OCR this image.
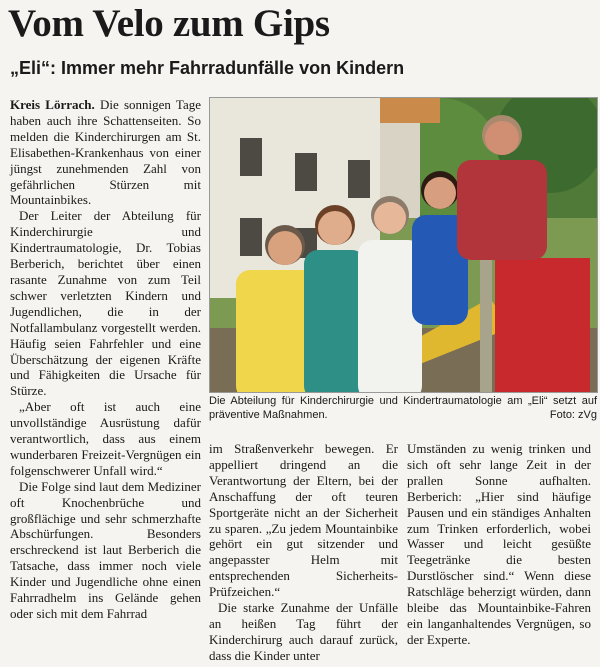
Vom Velo zum Gips
„Eli“: Immer mehr Fahrradunfälle von Kindern

Kreis Lörrach. Die sonnigen Tage haben auch ihre Schattenseiten. So melden die Kinderchirurgen am St. Elisabethen-Krankenhaus von einer jüngst zunehmenden Zahl von gefährlichen Stürzen mit Mountainbikes.

Der Leiter der Abteilung für Kinderchirurgie und Kindertraumatologie, Dr. Tobias Berberich, berichtet über einen rasante Zunahme von zum Teil schwer verletzten Kindern und Jugendlichen, die in der Notfallambulanz vorgestellt werden. Häufig seien Fahrfehler und eine Überschätzung der eigenen Kräfte und Fähigkeiten die Ursache für Stürze.

„Aber oft ist auch eine unvollständige Ausrüstung dafür verantwortlich, dass aus einem wunderbaren Freizeit-Vergnügen ein folgenschwerer Unfall wird.“

Die Folge sind laut dem Mediziner oft Knochenbrüche und großflächige und sehr schmerzhafte Abschürfungen. Besonders erschreckend ist laut Berberich die Tatsache, dass immer noch viele Kinder und Jugendliche ohne einen Fahrradhelm ins Gelände gehen oder sich mit dem Fahrrad

Die Abteilung für Kinderchirurgie und Kindertraumatologie am „Eli“ setzt auf präventive Maßnahmen.	Foto: zVg

im Straßenverkehr bewegen. Er appelliert dringend an die Verantwortung der Eltern, bei der Anschaffung der oft teuren Sportgeräte nicht an der Sicherheit zu sparen. „Zu jedem Mountainbike gehört ein gut sitzender und angepasster Helm mit entsprechenden Sicherheits-Prüfzeichen.“

Die starke Zunahme der Unfälle an heißen Tag führt der Kinderchirurg auch darauf zurück, dass die Kinder unter

Umständen zu wenig trinken und sich oft sehr lange Zeit in der prallen Sonne aufhalten. Berberich: „Hier sind häufige Pausen und ein ständiges Anhalten zum Trinken erforderlich, wobei Wasser und leicht gesüßte Teegetränke die besten Durstlöscher sind.“ Wenn diese Ratschläge beherzigt würden, dann bleibe das Mountainbike-Fahren ein langanhaltendes Vergnügen, so der Experte.
